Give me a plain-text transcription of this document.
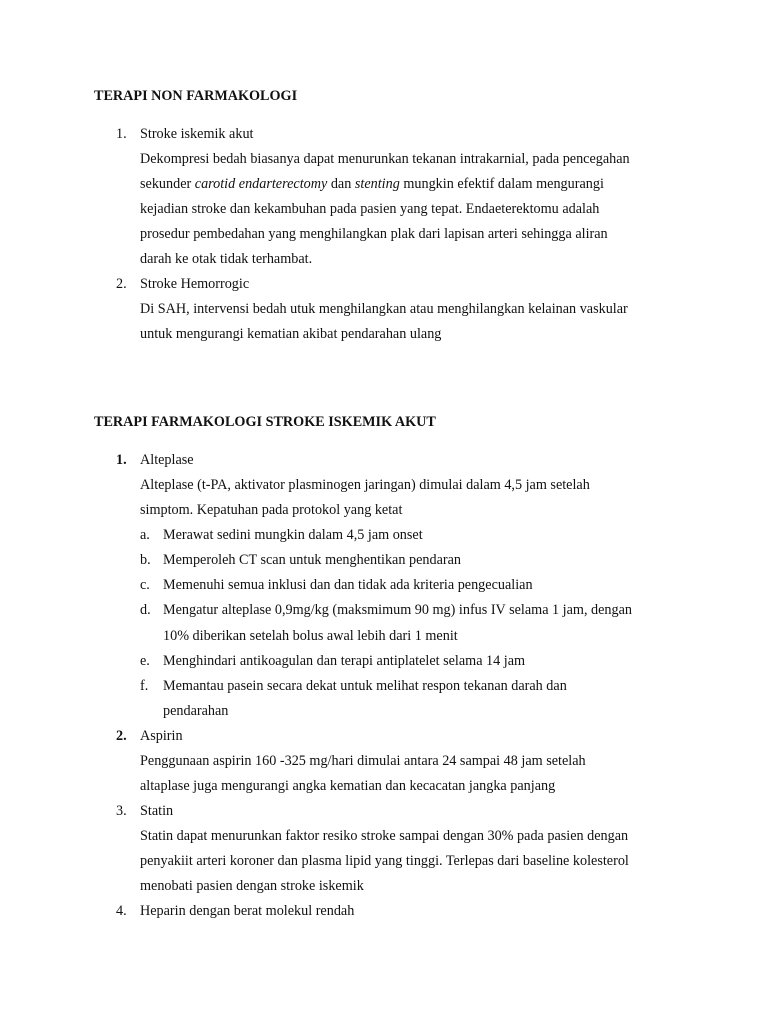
TERAPI NON FARMAKOLOGI
1. Stroke iskemik akut
Dekompresi bedah biasanya dapat menurunkan tekanan intrakarnial, pada pencegahan
sekunder carotid endarterectomy dan stenting mungkin efektif dalam mengurangi
kejadian stroke dan kekambuhan pada pasien yang tepat. Endaeterektomu adalah
prosedur pembedahan yang menghilangkan plak dari lapisan arteri sehingga aliran
darah ke otak tidak terhambat.
2. Stroke Hemorrogic
Di SAH, intervensi bedah utuk menghilangkan atau menghilangkan kelainan vaskular
untuk mengurangi kematian akibat pendarahan ulang
TERAPI FARMAKOLOGI STROKE ISKEMIK AKUT
1. Alteplase
Alteplase (t-PA, aktivator plasminogen jaringan) dimulai dalam 4,5 jam setelah
simptom. Kepatuhan pada protokol yang ketat
a. Merawat sedini mungkin dalam 4,5 jam onset
b. Memperoleh CT scan untuk menghentikan pendaran
c. Memenuhi semua inklusi dan dan tidak ada kriteria pengecualian
d. Mengatur alteplase 0,9mg/kg (maksmimum 90 mg) infus IV selama 1 jam, dengan
10% diberikan setelah bolus awal lebih dari 1 menit
e. Menghindari antikoagulan dan terapi antiplatelet selama 14 jam
f. Memantau pasein secara dekat untuk melihat respon tekanan darah dan
pendarahan
2. Aspirin
Penggunaan aspirin 160 -325 mg/hari dimulai antara 24 sampai 48 jam setelah
altaplase juga mengurangi angka kematian dan kecacatan jangka panjang
3. Statin
Statin dapat menurunkan faktor resiko stroke sampai dengan 30% pada pasien dengan
penyakiit arteri koroner dan plasma lipid yang tinggi. Terlepas dari baseline kolesterol
menobati pasien dengan stroke iskemik
4. Heparin dengan berat molekul rendah
